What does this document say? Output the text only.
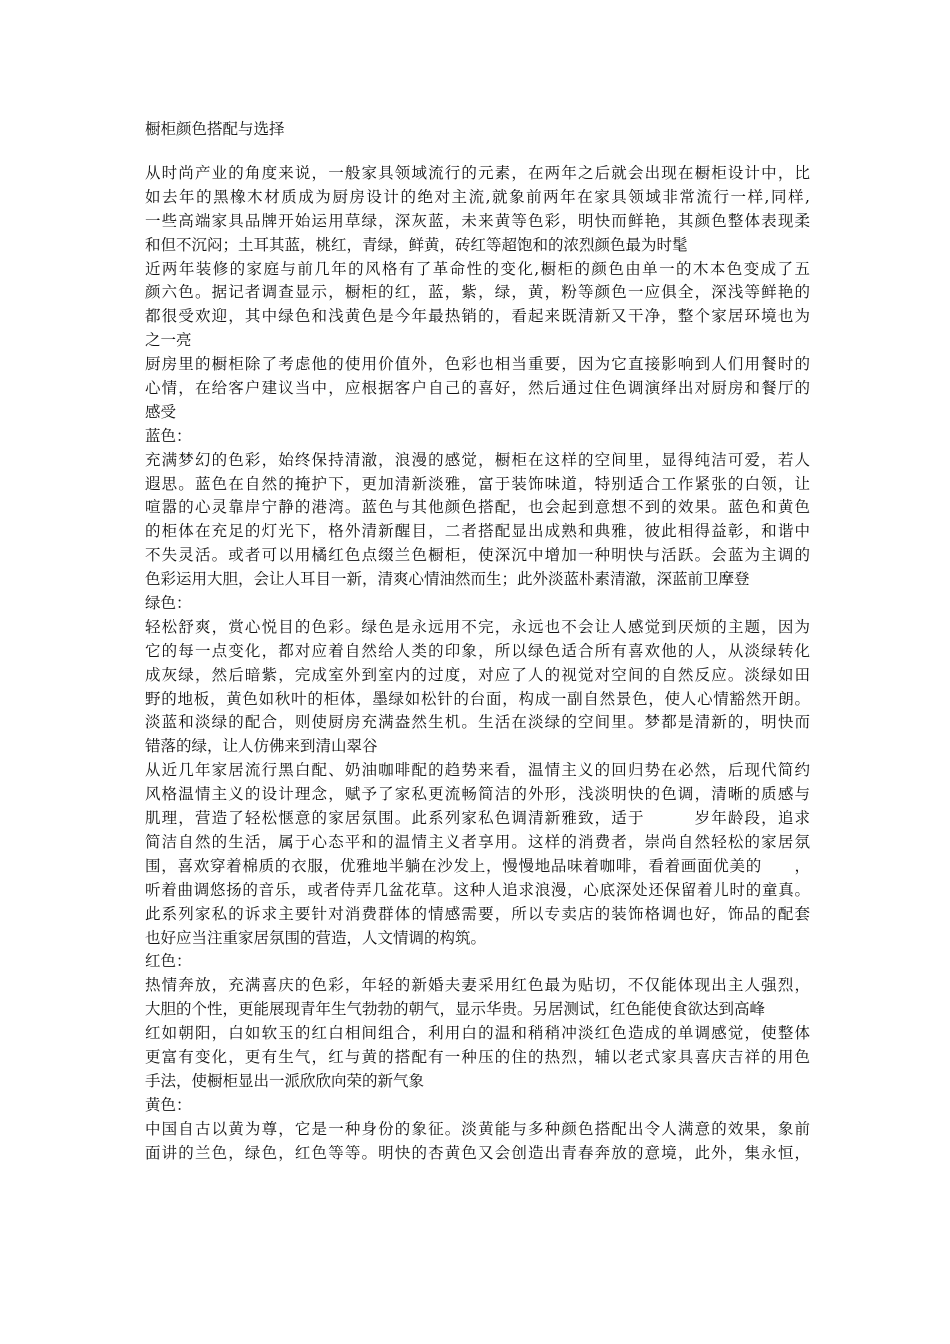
橱柜颜色搭配与选择
从时尚产业的角度来说，一般家具领域流行的元素，在两年之后就会出现在橱柜设计中，比
如去年的黑橡木材质成为厨房设计的绝对主流,就象前两年在家具领域非常流行一样,同样,
一些高端家具品牌开始运用草绿，深灰蓝，未来黄等色彩，明快而鲜艳，其颜色整体表现柔
和但不沉闷；土耳其蓝，桃红，青绿，鲜黄，砖红等超饱和的浓烈颜色最为时髦
近两年装修的家庭与前几年的风格有了革命性的变化,橱柜的颜色由单一的木本色变成了五
颜六色。据记者调查显示，橱柜的红，蓝，紫，绿，黄，粉等颜色一应俱全，深浅等鲜艳的
都很受欢迎，其中绿色和浅黄色是今年最热销的，看起来既清新又干净，整个家居环境也为
之一亮
厨房里的橱柜除了考虑他的使用价值外，色彩也相当重要，因为它直接影响到人们用餐时的
心情，在给客户建议当中，应根据客户自己的喜好，然后通过住色调演绎出对厨房和餐厅的
感受
蓝色：
充满梦幻的色彩，始终保持清澈，浪漫的感觉，橱柜在这样的空间里，显得纯洁可爱，若人
遐思。蓝色在自然的掩护下，更加清新淡雅，富于装饰味道，特别适合工作紧张的白领，让
喧嚣的心灵靠岸宁静的港湾。蓝色与其他颜色搭配，也会起到意想不到的效果。蓝色和黄色
的柜体在充足的灯光下，格外清新醒目，二者搭配显出成熟和典雅，彼此相得益彰，和谐中
不失灵活。或者可以用橘红色点缀兰色橱柜，使深沉中增加一种明快与活跃。会蓝为主调的
色彩运用大胆，会让人耳目一新，清爽心情油然而生；此外淡蓝朴素清澈，深蓝前卫摩登
绿色：
轻松舒爽，赏心悦目的色彩。绿色是永远用不完，永远也不会让人感觉到厌烦的主题，因为
它的每一点变化，都对应着自然给人类的印象，所以绿色适合所有喜欢他的人，从淡绿转化
成灰绿，然后暗紫，完成室外到室内的过度，对应了人的视觉对空间的自然反应。淡绿如田
野的地板，黄色如秋叶的柜体，墨绿如松针的台面，构成一副自然景色，使人心情豁然开朗。
淡蓝和淡绿的配合，则使厨房充满盎然生机。生活在淡绿的空间里。梦都是清新的，明快而
错落的绿，让人仿佛来到清山翠谷
从近几年家居流行黑白配、奶油咖啡配的趋势来看，温情主义的回归势在必然，后现代简约
风格温情主义的设计理念，赋予了家私更流畅简洁的外形，浅淡明快的色调，清晰的质感与
肌理，营造了轻松惬意的家居氛围。此系列家私色调清新雅致，适于　　　岁年龄段，追求
简洁自然的生活，属于心态平和的温情主义者享用。这样的消费者，崇尚自然轻松的家居氛
围，喜欢穿着棉质的衣服，优雅地半躺在沙发上，慢慢地品味着咖啡，看着画面优美的　　，
听着曲调悠扬的音乐，或者侍弄几盆花草。这种人追求浪漫，心底深处还保留着儿时的童真。
此系列家私的诉求主要针对消费群体的情感需要，所以专卖店的装饰格调也好，饰品的配套
也好应当注重家居氛围的营造，人文情调的构筑。
红色：
热情奔放，充满喜庆的色彩，年轻的新婚夫妻采用红色最为贴切，不仅能体现出主人强烈，
大胆的个性，更能展现青年生气勃勃的朝气，显示华贵。另居测试，红色能使食欲达到高峰
红如朝阳，白如软玉的红白相间组合，利用白的温和稍稍冲淡红色造成的单调感觉，使整体
更富有变化，更有生气，红与黄的搭配有一种压的住的热烈，辅以老式家具喜庆吉祥的用色
手法，使橱柜显出一派欣欣向荣的新气象
黄色：
中国自古以黄为尊，它是一种身份的象征。淡黄能与多种颜色搭配出令人满意的效果，象前
面讲的兰色，绿色，红色等等。明快的杏黄色又会创造出青春奔放的意境，此外，集永恒，
